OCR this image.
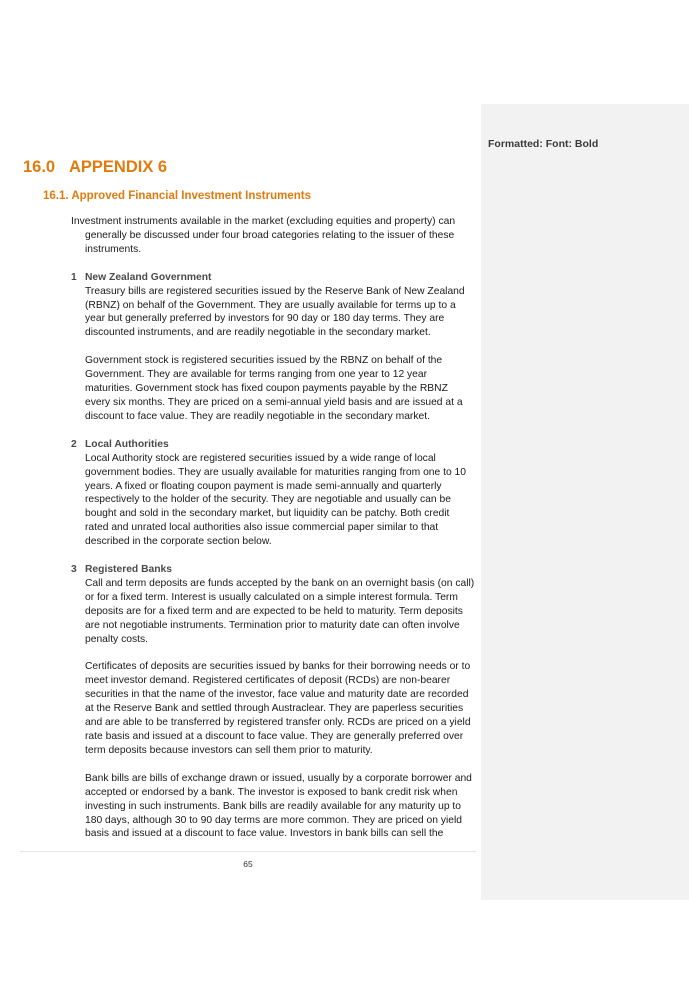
Formatted: Font: Bold
16.0 APPENDIX 6
16.1. Approved Financial Investment Instruments

Investment instruments available in the market (excluding equities and property) can generally be discussed under four broad categories relating to the issuer of these instruments.

1 New Zealand Government

Treasury bills are registered securities issued by the Reserve Bank of New Zealand (RBNZ) on behalf of the Government. They are usually available for terms up to a year but generally preferred by investors for 90 day or 180 day terms. They are discounted instruments, and are readily negotiable in the secondary market.

Government stock is registered securities issued by the RBNZ on behalf of the Government. They are available for terms ranging from one year to 12 year maturities. Government stock has fixed coupon payments payable by the RBNZ every six months. They are priced on a semi-annual yield basis and are issued at a discount to face value. They are readily negotiable in the secondary market.

2 Local Authorities

Local Authority stock are registered securities issued by a wide range of local government bodies. They are usually available for maturities ranging from one to 10 years. A fixed or floating coupon payment is made semi-annually and quarterly respectively to the holder of the security. They are negotiable and usually can be bought and sold in the secondary market, but liquidity can be patchy. Both credit rated and unrated local authorities also issue commercial paper similar to that described in the corporate section below.

3 Registered Banks

Call and term deposits are funds accepted by the bank on an overnight basis (on call) or for a fixed term. Interest is usually calculated on a simple interest formula. Term deposits are for a fixed term and are expected to be held to maturity. Term deposits are not negotiable instruments. Termination prior to maturity date can often involve penalty costs.

Certificates of deposits are securities issued by banks for their borrowing needs or to meet investor demand. Registered certificates of deposit (RCDs) are non-bearer securities in that the name of the investor, face value and maturity date are recorded at the Reserve Bank and settled through Austraclear. They are paperless securities and are able to be transferred by registered transfer only. RCDs are priced on a yield rate basis and issued at a discount to face value. They are generally preferred over term deposits because investors can sell them prior to maturity.

Bank bills are bills of exchange drawn or issued, usually by a corporate borrower and accepted or endorsed by a bank. The investor is exposed to bank credit risk when investing in such instruments. Bank bills are readily available for any maturity up to 180 days, although 30 to 90 day terms are more common. They are priced on yield basis and issued at a discount to face value. Investors in bank bills can sell the

65
